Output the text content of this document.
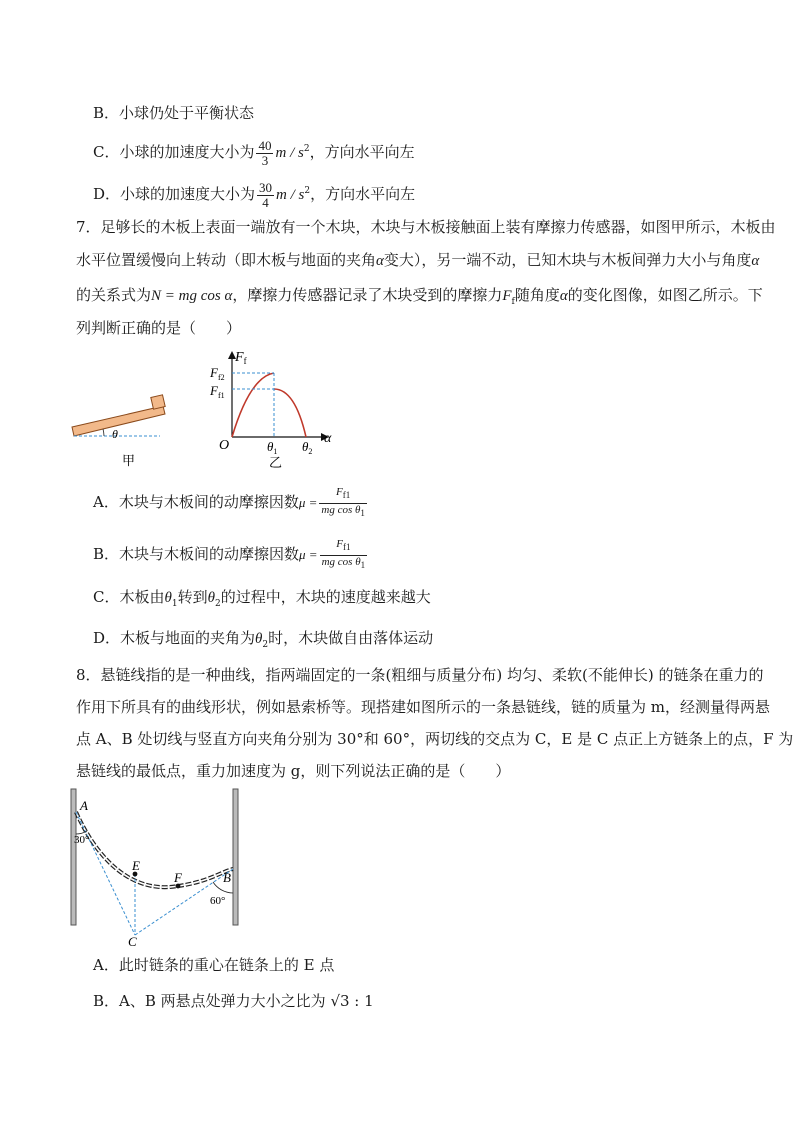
B．小球仍处于平衡状态
C．小球的加速度大小为 $\frac{40}{3}$ m / $s^2$，方向水平向左
D．小球的加速度大小为 $\frac{30}{4}$ m / $s^2$，方向水平向左
7．足够长的木板上表面一端放有一个木块，木块与木板接触面上装有摩擦力传感器，如图甲所示，木板由
水平位置缓慢向上转动（即木板与地面的夹角α变大），另一端不动，已知木块与木板间弹力大小与角度α
的关系式为N = mg cos α，摩擦力传感器记录了木块受到的摩擦力$F_f$随角度α的变化图像，如图乙所示。下
列判断正确的是（　　）
θ
甲
$F_f$
α
O
$F_{f2}$
$F_{f1}$
$\theta_1$ $\theta_2$
乙
A．木块与木板间的动摩擦因数$\mu = \frac{F_{f1}}{mg \cos \theta_1}$
B．木块与木板间的动摩擦因数$\mu = \frac{F_{f1}}{mg \cos \theta_1}$
C．木板由$\theta_1$转到$\theta_2$的过程中，木块的速度越来越大
D．木板与地面的夹角为$\theta_2$时，木块做自由落体运动
8．悬链线指的是一种曲线，指两端固定的一条(粗细与质量分布) 均匀、柔软(不能伸长) 的链条在重力的
作用下所具有的曲线形状，例如悬索桥等。现搭建如图所示的一条悬链线，链的质量为 m，经测量得两悬
点 A、B 处切线与竖直方向夹角分别为 30°和 60°，两切线的交点为 C，E 是 C 点正上方链条上的点，F 为
悬链线的最低点，重力加速度为 g，则下列说法正确的是（　　）
A
B
C
E
F
30°
60°
A．此时链条的重心在链条上的 E 点
B．A、B 两悬点处弹力大小之比为 √3 : 1
